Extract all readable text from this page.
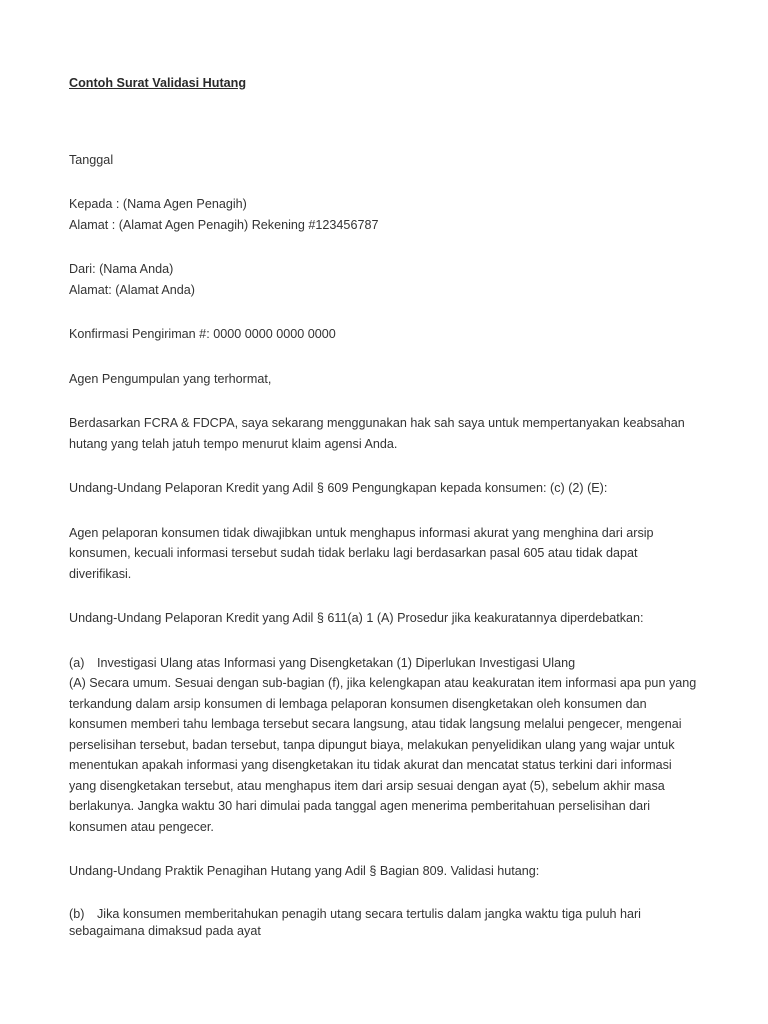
Contoh Surat Validasi Hutang

Tanggal

Kepada : (Nama Agen Penagih)
Alamat : (Alamat Agen Penagih) Rekening #123456787
Dari: (Nama Anda)
Alamat: (Alamat Anda)

Konfirmasi Pengiriman #: 0000 0000 0000 0000

Agen Pengumpulan yang terhormat,

Berdasarkan FCRA & FDCPA, saya sekarang menggunakan hak sah saya untuk mempertanyakan keabsahan
hutang yang telah jatuh tempo menurut klaim agensi Anda.

Undang-Undang Pelaporan Kredit yang Adil § 609 Pengungkapan kepada konsumen: (c) (2) (E):

Agen pelaporan konsumen tidak diwajibkan untuk menghapus informasi akurat yang menghina dari arsip
konsumen, kecuali informasi tersebut sudah tidak berlaku lagi berdasarkan pasal 605 atau tidak dapat
diverifikasi.

Undang-Undang Pelaporan Kredit yang Adil § 611(a) 1 (A) Prosedur jika keakuratannya diperdebatkan:

(a) Investigasi Ulang atas Informasi yang Disengketakan (1) Diperlukan Investigasi Ulang
(A) Secara umum. Sesuai dengan sub-bagian (f), jika kelengkapan atau keakuratan item informasi apa pun yang
terkandung dalam arsip konsumen di lembaga pelaporan konsumen disengketakan oleh konsumen dan
konsumen memberi tahu lembaga tersebut secara langsung, atau tidak langsung melalui pengecer, mengenai
perselisihan tersebut, badan tersebut, tanpa dipungut biaya, melakukan penyelidikan ulang yang wajar untuk
menentukan apakah informasi yang disengketakan itu tidak akurat dan mencatat status terkini dari informasi
yang disengketakan tersebut, atau menghapus item dari arsip sesuai dengan ayat (5), sebelum akhir masa
berlakunya. Jangka waktu 30 hari dimulai pada tanggal agen menerima pemberitahuan perselisihan dari
konsumen atau pengecer.

Undang-Undang Praktik Penagihan Hutang yang Adil § Bagian 809. Validasi hutang:

(b) Jika konsumen memberitahukan penagih utang secara tertulis dalam jangka waktu tiga puluh hari
sebagaimana dimaksud pada ayat
